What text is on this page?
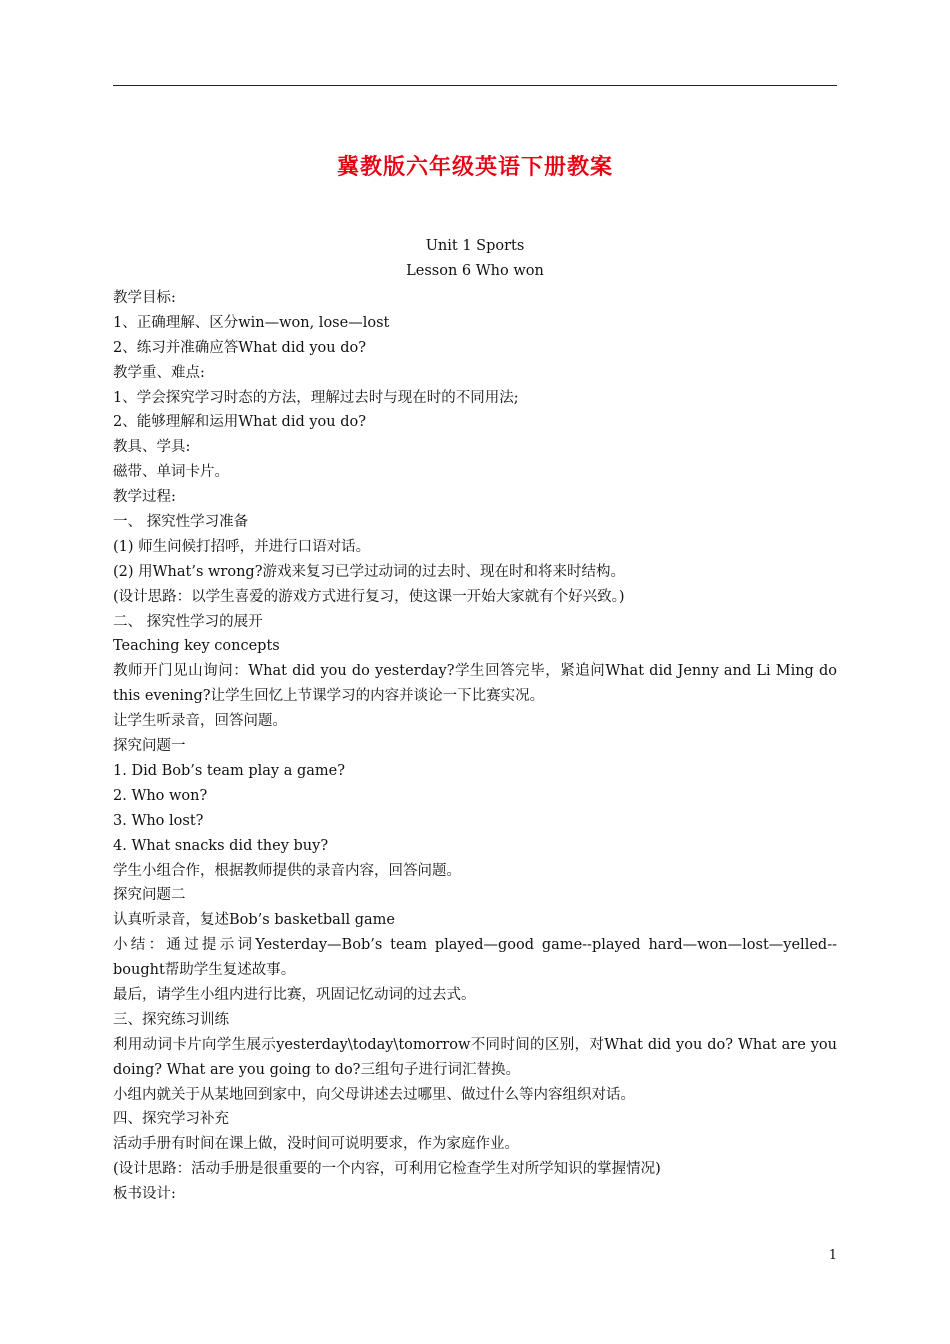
冀教版六年级英语下册教案
Unit 1 Sports
Lesson 6 Who won
教学目标:
1、正确理解、区分win—won, lose—lost
2、练习并准确应答What did you do?
教学重、难点:
1、学会探究学习时态的方法，理解过去时与现在时的不同用法;
2、能够理解和运用What did you do?
教具、学具:
磁带、单词卡片。
教学过程:
一、 探究性学习准备
(1) 师生问候打招呼，并进行口语对话。
(2) 用What’s wrong?游戏来复习已学过动词的过去时、现在时和将来时结构。
(设计思路：以学生喜爱的游戏方式进行复习，使这课一开始大家就有个好兴致。)
二、 探究性学习的展开
Teaching key concepts
教师开门见山询问：What did you do yesterday?学生回答完毕，紧追问What did Jenny and Li Ming do this evening?让学生回忆上节课学习的内容并谈论一下比赛实况。
让学生听录音，回答问题。
探究问题一
1. Did Bob’s team play a game?
2. Who won?
3. Who lost?
4. What snacks did they buy?
学生小组合作，根据教师提供的录音内容，回答问题。
探究问题二
认真听录音，复述Bob’s basketball game
小结：通过提示词Yesterday—Bob’s team played—good game--played hard—won—lost—yelled--bought帮助学生复述故事。
最后，请学生小组内进行比赛，巩固记忆动词的过去式。
三、探究练习训练
利用动词卡片向学生展示yesterday\today\tomorrow不同时间的区别，对What did you do? What are you doing? What are you going to do?三组句子进行词汇替换。
小组内就关于从某地回到家中，向父母讲述去过哪里、做过什么等内容组织对话。
四、探究学习补充
活动手册有时间在课上做，没时间可说明要求，作为家庭作业。
(设计思路：活动手册是很重要的一个内容，可利用它检查学生对所学知识的掌握情况)
板书设计:
1
